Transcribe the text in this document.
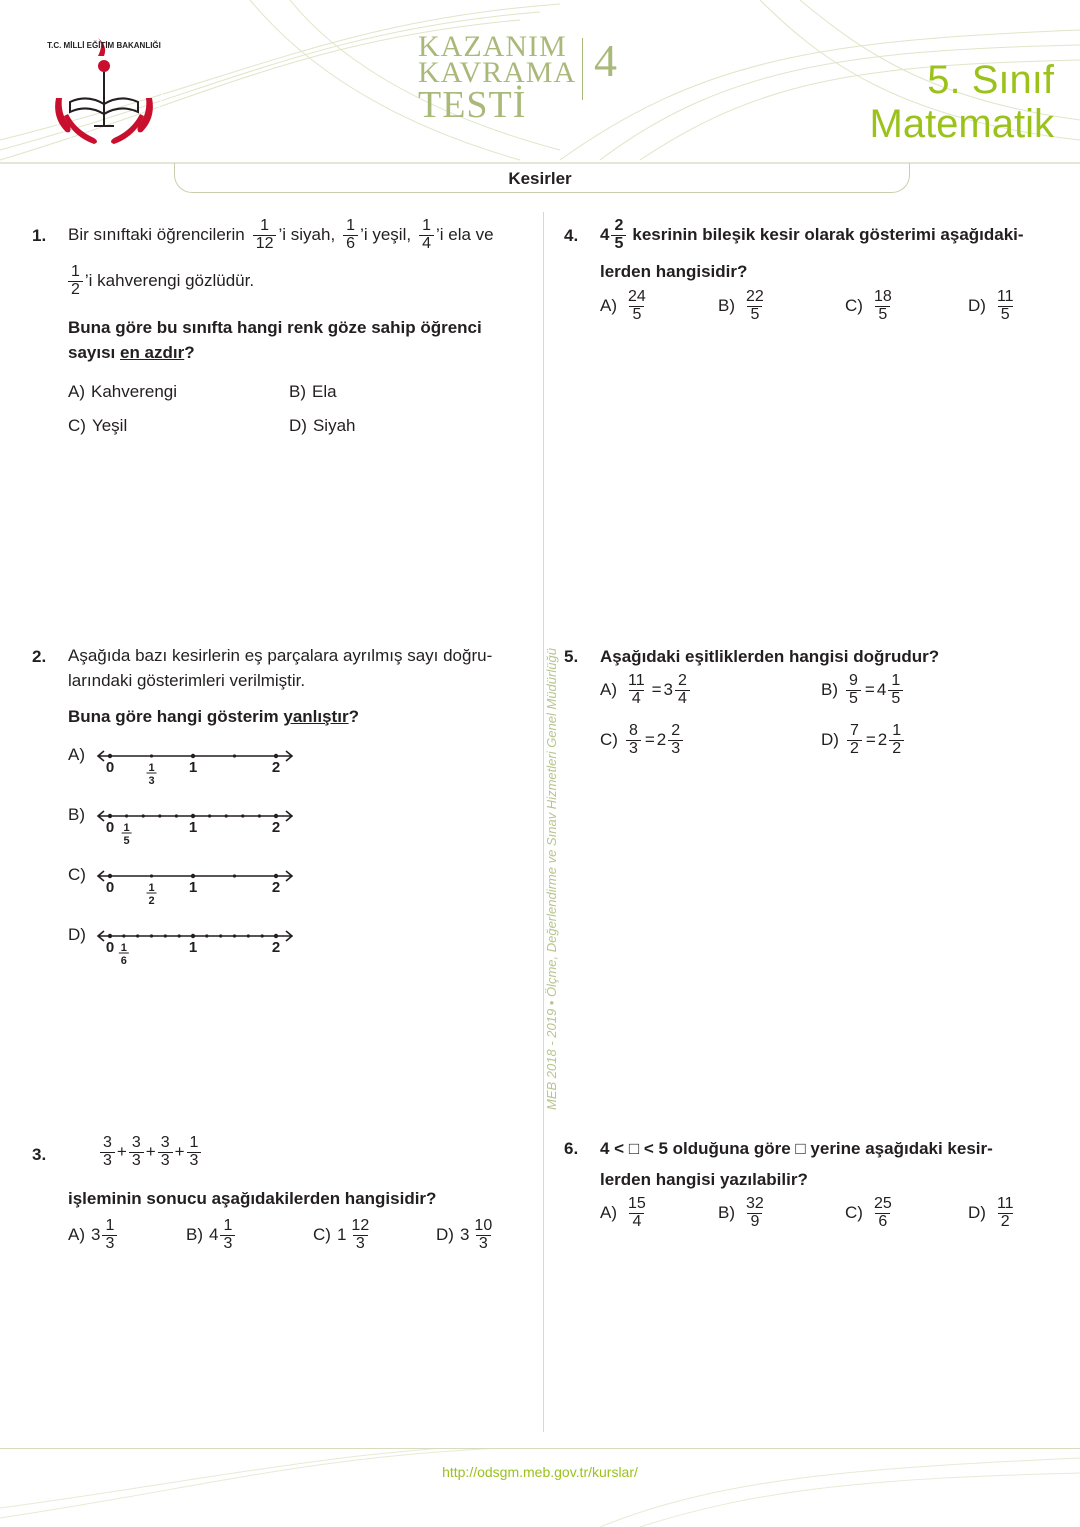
T.C. MİLLİ EĞİTİM BAKANLIĞI	KAZANIM
KAVRAMA
TESTİ
4	5. Sınıf
Matematik
Kesirler
MEB 2018 - 2019 • Ölçme, Değerlendirme ve Sınav Hizmetleri Genel Müdürlüğü
1. Bir sınıftaki öğrencilerin 1
12 ’i siyah, 1
6 ’i yeşil, 1
4 ’i ela ve
1
2 ’i kahverengi gözlüdür.
Buna göre bu sınıfta hangi renk göze sahip öğrenci
sayısı en azdır?
A) Kahverengi	B) Ela
C) Yeşil	D) Siyah
2. Aşağıda bazı kesirlerin eş parçalara ayrılmış sayı doğru-
larındaki gösterimleri verilmiştir.
Buna göre hangi gösterim yanlıştır?
A)
0	1	2
1
3
B)
0	1	2
1
5
C)
0	1	2
1
2
D)
0	1	2
1
6
3.
3
$3 + \frac{3}{3} + \frac{3}{3} + \frac{1}{3}$
işleminin sonucu aşağıdakilerden hangisidir?
A) 3 1
3	B) 4 1
3	C) 1 12
3	D) 3 10
3
4. 4 2
5 kesrinin bileşik kesir olarak gösterimi aşağıdaki-
lerden hangisidir?
A) 24
5	B) 22
5	C) 18
5	D) 11
5
5. Aşağıdaki eşitliklerden hangisi doğrudur?
$A) \frac{11}{4} = 3$ 2
4	$B) \frac{9}{5} = 4$ 1
5
$C) \frac{8}{3} = 2$ 2
3	$D) \frac{7}{2} = 2$ 1
2
6. 4 < □ < 5 olduğuna göre □ yerine aşağıdaki kesir-
lerden hangisi yazılabilir?
A) 15
4	B) 32
9	C) 25
6	D) 11
2
http://odsgm.meb.gov.tr/kurslar/
